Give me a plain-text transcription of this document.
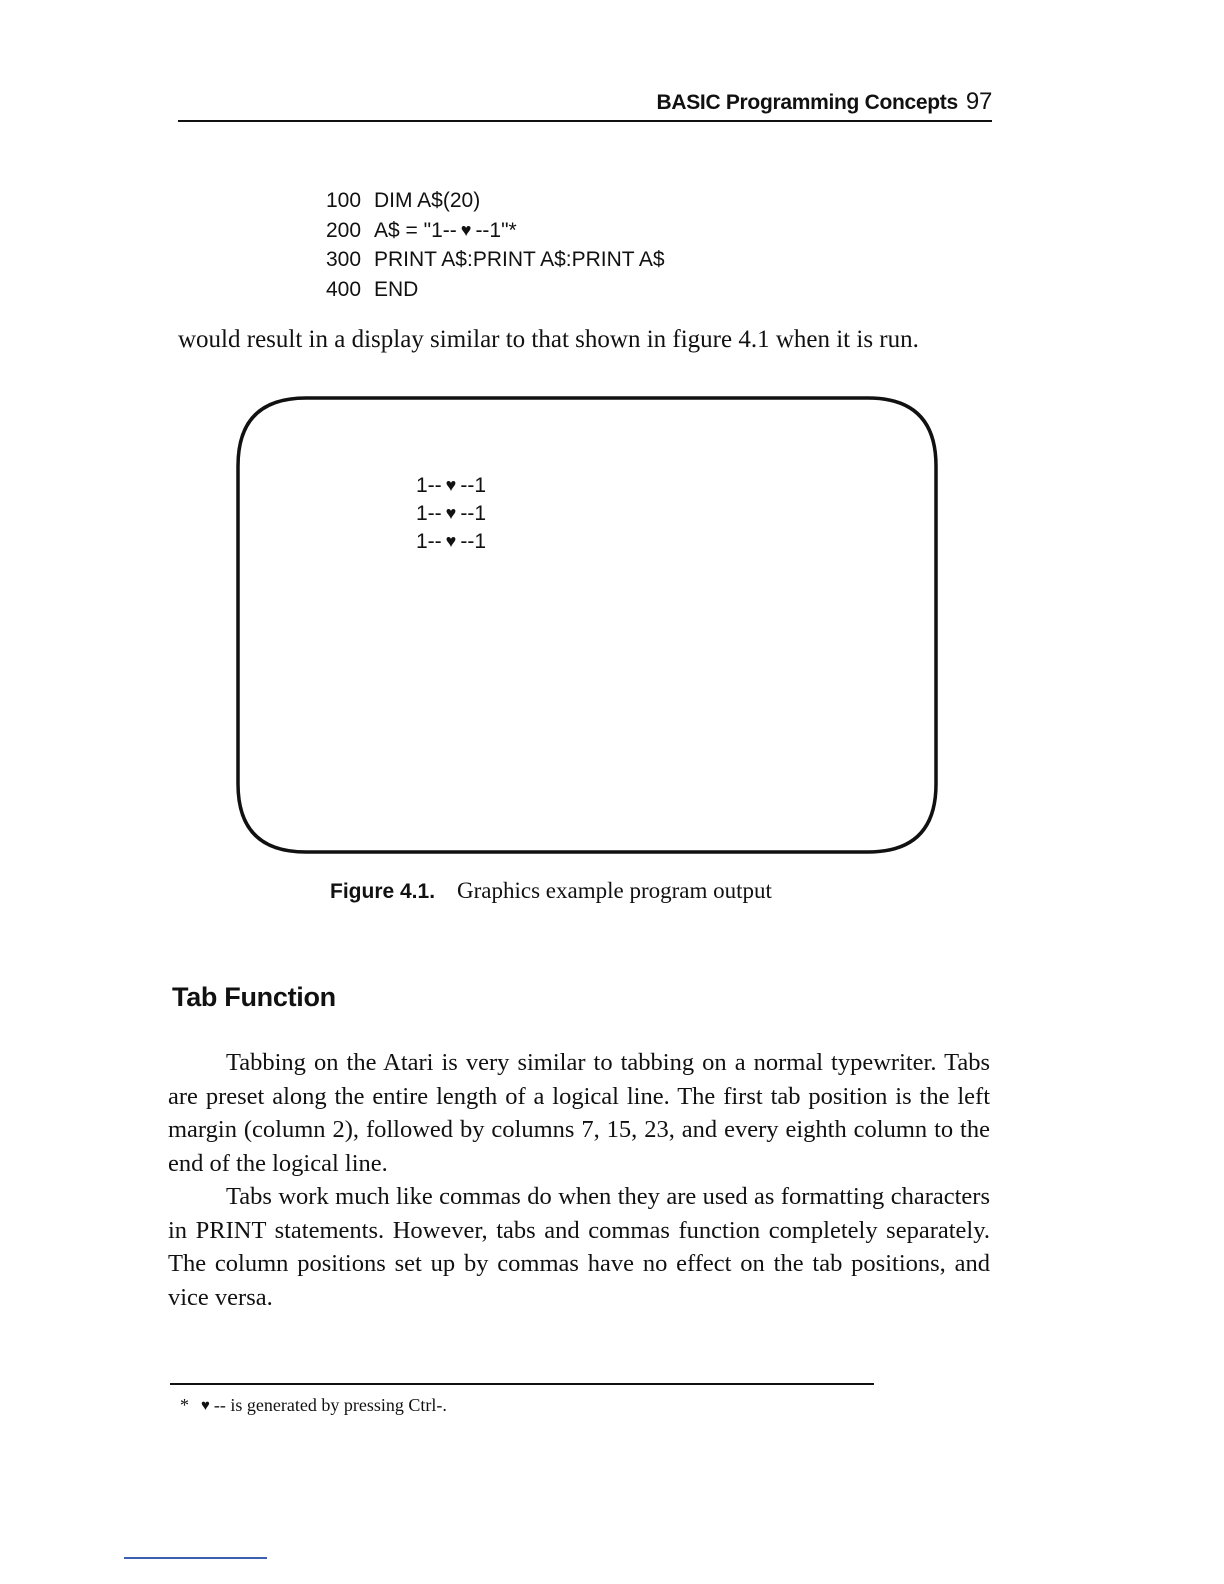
BASIC Programming Concepts 97
100 DIM A$(20)
200 A$ = "1-- ♥ --1"*
300 PRINT A$:PRINT A$:PRINT A$
400 END
would result in a display similar to that shown in figure 4.1 when it is run.
1-- ♥ --1
1-- ♥ --1
1-- ♥ --1
Figure 4.1. Graphics example program output
Tab Function

Tabbing on the Atari is very similar to tabbing on a normal typewriter. Tabs are preset along the entire length of a logical line. The first tab position is the left margin (column 2), followed by columns 7, 15, 23, and every eighth column to the end of the logical line.

Tabs work much like commas do when they are used as formatting characters in PRINT statements. However, tabs and commas function completely separately. The column positions set up by commas have no effect on the tab positions, and vice versa.

* ♥ -- is generated by pressing Ctrl-.
